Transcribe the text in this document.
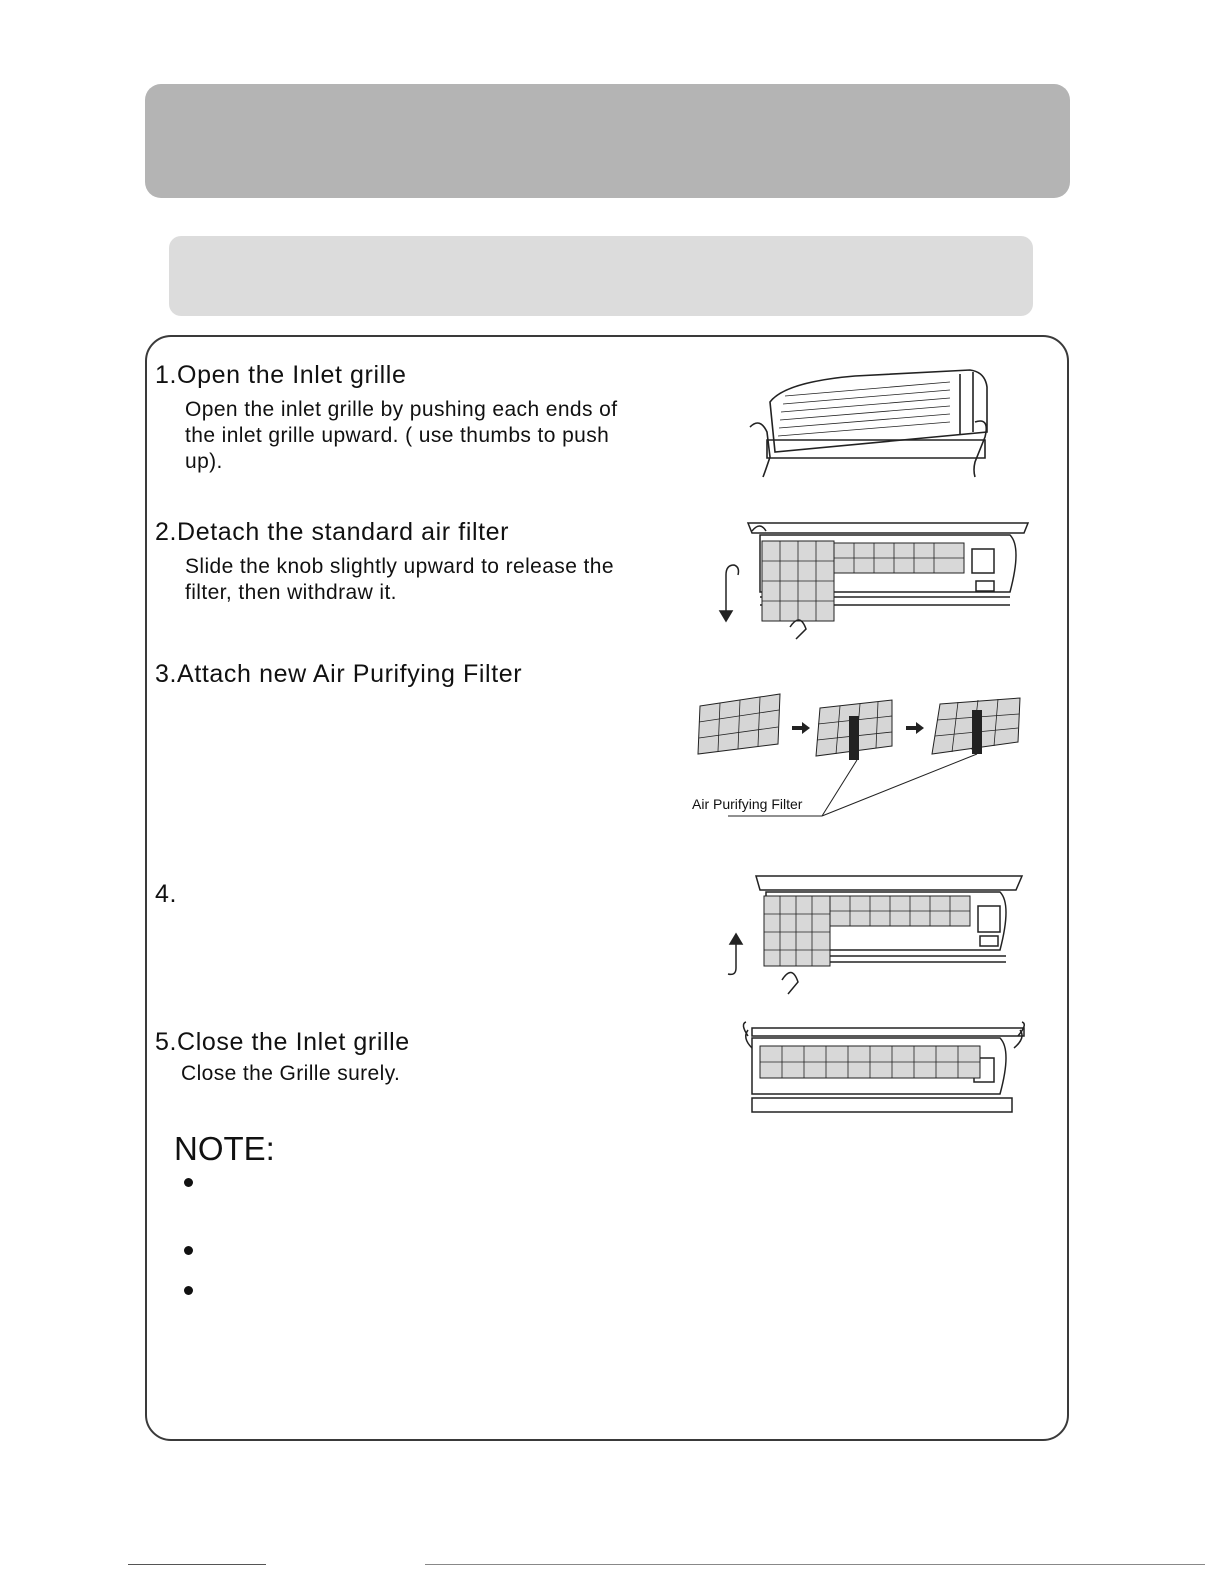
1.Open the Inlet grille
Open the inlet grille by pushing each ends of
the inlet grille upward. ( use thumbs to push
up).
2.Detach the standard air filter
Slide the knob slightly upward to release the
filter, then withdraw it.
3.Attach new Air Purifying Filter
4.
5.Close the Inlet grille
Close the Grille surely.
NOTE:
Air Purifying Filter
